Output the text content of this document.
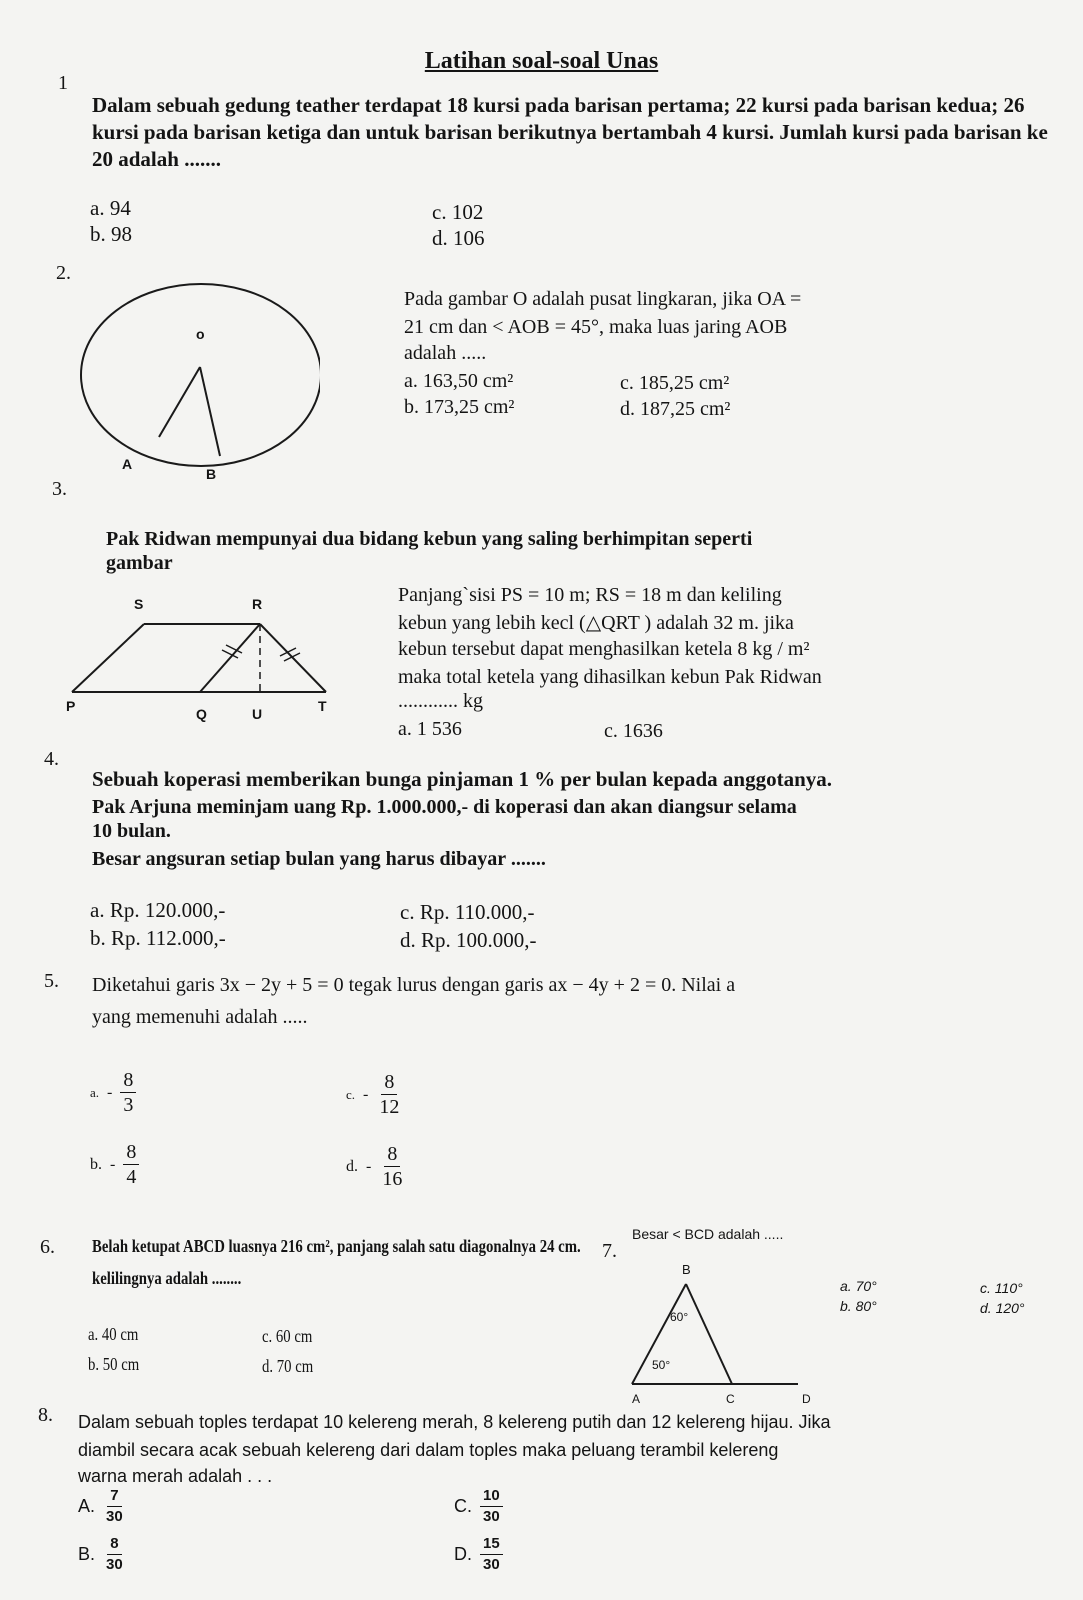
Latihan soal-soal Unas
1
Dalam sebuah gedung teather terdapat 18 kursi pada barisan pertama; 22 kursi pada barisan kedua; 26 kursi pada barisan ketiga dan untuk barisan berikutnya bertambah 4 kursi. Jumlah kursi pada barisan ke 20 adalah .......
a. 94
b. 98
c. 102
d. 106
2.
o
A
B
Pada gambar O adalah pusat lingkaran, jika OA =
21 cm dan < AOB = 45°, maka luas jaring AOB
adalah .....
a. 163,50 cm²
b. 173,25 cm²
c. 185,25 cm²
d. 187,25 cm²
3.
Pak Ridwan mempunyai dua bidang kebun yang saling berhimpitan seperti
gambar
S	R
P	Q	U	T
Panjang`sisi PS = 10 m; RS = 18 m dan keliling
kebun yang lebih kecl (△QRT ) adalah 32 m. jika
kebun tersebut dapat menghasilkan ketela 8 kg / m²
maka total ketela yang dihasilkan kebun Pak Ridwan
............ kg
a. 1 536	c. 1636
4.
Sebuah koperasi memberikan bunga pinjaman 1 % per bulan kepada anggotanya.
Pak Arjuna meminjam uang Rp. 1.000.000,- di koperasi dan akan diangsur selama
10 bulan.
Besar angsuran setiap bulan yang harus dibayar .......
a. Rp. 120.000,-
b. Rp. 112.000,-
c. Rp. 110.000,-
d. Rp. 100.000,-
5. Diketahui garis 3x − 2y + 5 = 0 tegak lurus dengan garis ax − 4y + 2 = 0. Nilai a
yang memenuhi adalah .....
a. - $\frac{8}{3}$
b. - $\frac{8}{4}$
c. - $\frac{8}{12}$
d. - $\frac{8}{16}$
6. Belah ketupat ABCD luasnya 216 cm², panjang salah satu diagonalnya 24 cm.
kelilingnya adalah ........
a. 40 cm
b. 50 cm
c. 60 cm
d. 70 cm
7.
Besar < BCD adalah .....
B
60°
50°
A	C	D
a. 70°
b. 80°
c. 110°
d. 120°
8. Dalam sebuah toples terdapat 10 kelereng merah, 8 kelereng putih dan 12 kelereng hijau. Jika
diambil secara acak sebuah kelereng dari dalam toples maka peluang terambil kelereng
warna merah adalah . . .
A. $\frac{7}{30}$
B. $\frac{8}{30}$
C. $\frac{10}{30}$
D. $\frac{15}{30}$
